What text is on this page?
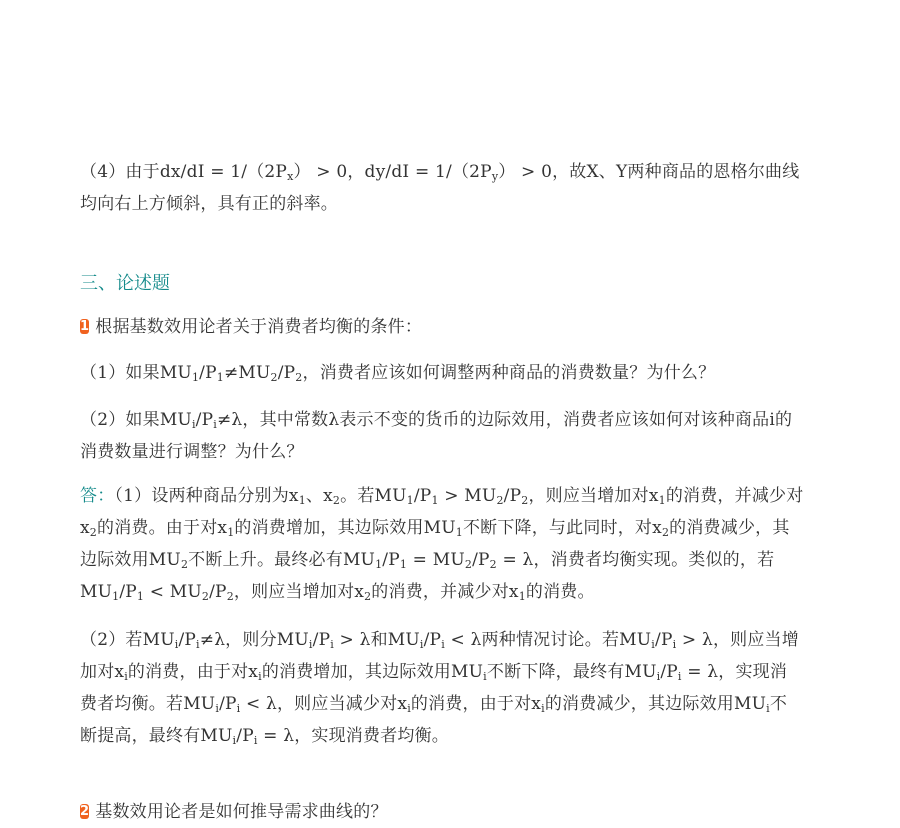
（4）由于$dx/dI = 1/(2P_x) > 0$，$dy/dI = 1/(2P_y) > 0$，故X、Y两种商品的恩格尔曲线均向右上方倾斜，具有正的斜率。
三、论述题
1 根据基数效用论者关于消费者均衡的条件：
（1）如果$MU_1/P_1\ne MU_2/P_2$，消费者应该如何调整两种商品的消费数量？为什么？
（2）如果$MU_i/P_i\ne\lambda$，其中常数λ表示不变的货币的边际效用，消费者应该如何对该种商品i的消费数量进行调整？为什么？
答：（1）设两种商品分别为$x_1$、$x_2$。若$MU_1/P_1 > MU_2/P_2$，则应当增加对$x_1$的消费，并减少对$x_2$的消费。由于对$x_1$的消费增加，其边际效用$MU_1$不断下降，与此同时，对$x_2$的消费减少，其边际效用$MU_2$不断上升。最终必有$MU_1/P_1 = MU_2/P_2 = \lambda$，消费者均衡实现。类似的，若$MU_1/P_1 < MU_2/P_2$，则应当增加对$x_2$的消费，并减少对$x_1$的消费。
（2）若$MU_i/P_i\ne\lambda$，则分$MU_i/P_i > \lambda$和$MU_i/P_i < \lambda$两种情况讨论。若$MU_i/P_i > \lambda$，则应当增加对$x_i$的消费，由于对$x_i$的消费增加，其边际效用$MU_i$不断下降，最终有$MU_i/P_i = \lambda$，实现消费者均衡。若$MU_i/P_i < \lambda$，则应当减少对$x_i$的消费，由于对$x_i$的消费减少，其边际效用$MU_i$不断提高，最终有$MU_i/P_i = \lambda$，实现消费者均衡。
2 基数效用论者是如何推导需求曲线的？
